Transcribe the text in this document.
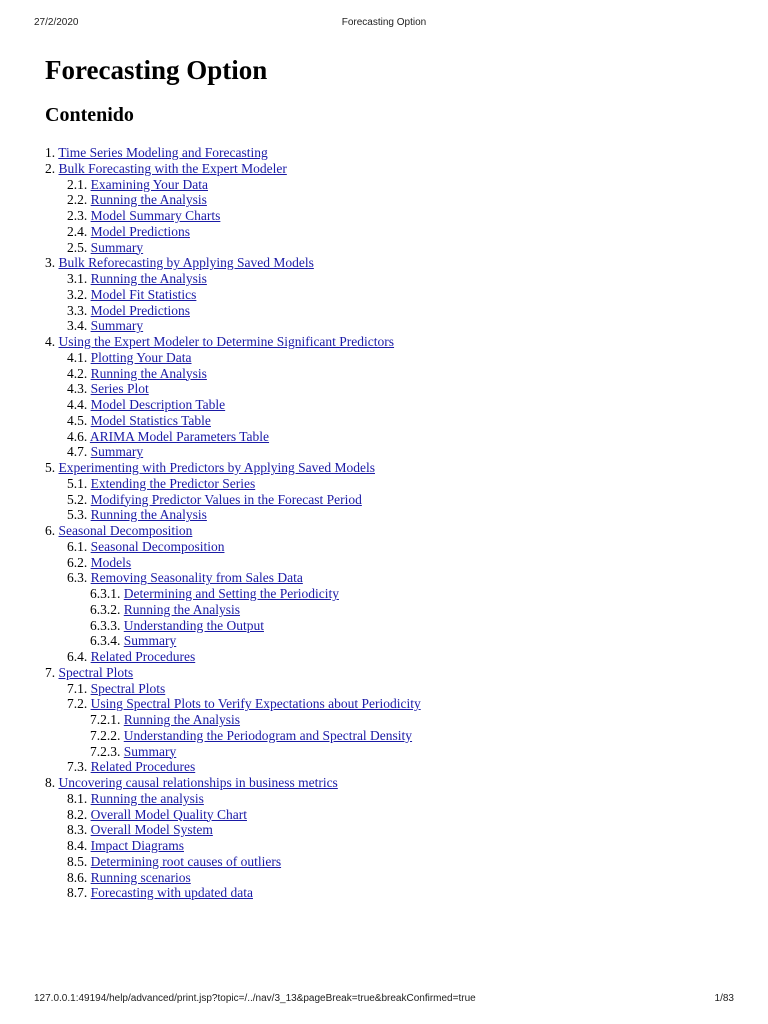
27/2/2020	Forecasting Option
Forecasting Option
Contenido
1. Time Series Modeling and Forecasting
2. Bulk Forecasting with the Expert Modeler
2.1. Examining Your Data
2.2. Running the Analysis
2.3. Model Summary Charts
2.4. Model Predictions
2.5. Summary
3. Bulk Reforecasting by Applying Saved Models
3.1. Running the Analysis
3.2. Model Fit Statistics
3.3. Model Predictions
3.4. Summary
4. Using the Expert Modeler to Determine Significant Predictors
4.1. Plotting Your Data
4.2. Running the Analysis
4.3. Series Plot
4.4. Model Description Table
4.5. Model Statistics Table
4.6. ARIMA Model Parameters Table
4.7. Summary
5. Experimenting with Predictors by Applying Saved Models
5.1. Extending the Predictor Series
5.2. Modifying Predictor Values in the Forecast Period
5.3. Running the Analysis
6. Seasonal Decomposition
6.1. Seasonal Decomposition
6.2. Models
6.3. Removing Seasonality from Sales Data
6.3.1. Determining and Setting the Periodicity
6.3.2. Running the Analysis
6.3.3. Understanding the Output
6.3.4. Summary
6.4. Related Procedures
7. Spectral Plots
7.1. Spectral Plots
7.2. Using Spectral Plots to Verify Expectations about Periodicity
7.2.1. Running the Analysis
7.2.2. Understanding the Periodogram and Spectral Density
7.2.3. Summary
7.3. Related Procedures
8. Uncovering causal relationships in business metrics
8.1. Running the analysis
8.2. Overall Model Quality Chart
8.3. Overall Model System
8.4. Impact Diagrams
8.5. Determining root causes of outliers
8.6. Running scenarios
8.7. Forecasting with updated data
127.0.0.1:49194/help/advanced/print.jsp?topic=/../nav/3_13&pageBreak=true&breakConfirmed=true	1/83
